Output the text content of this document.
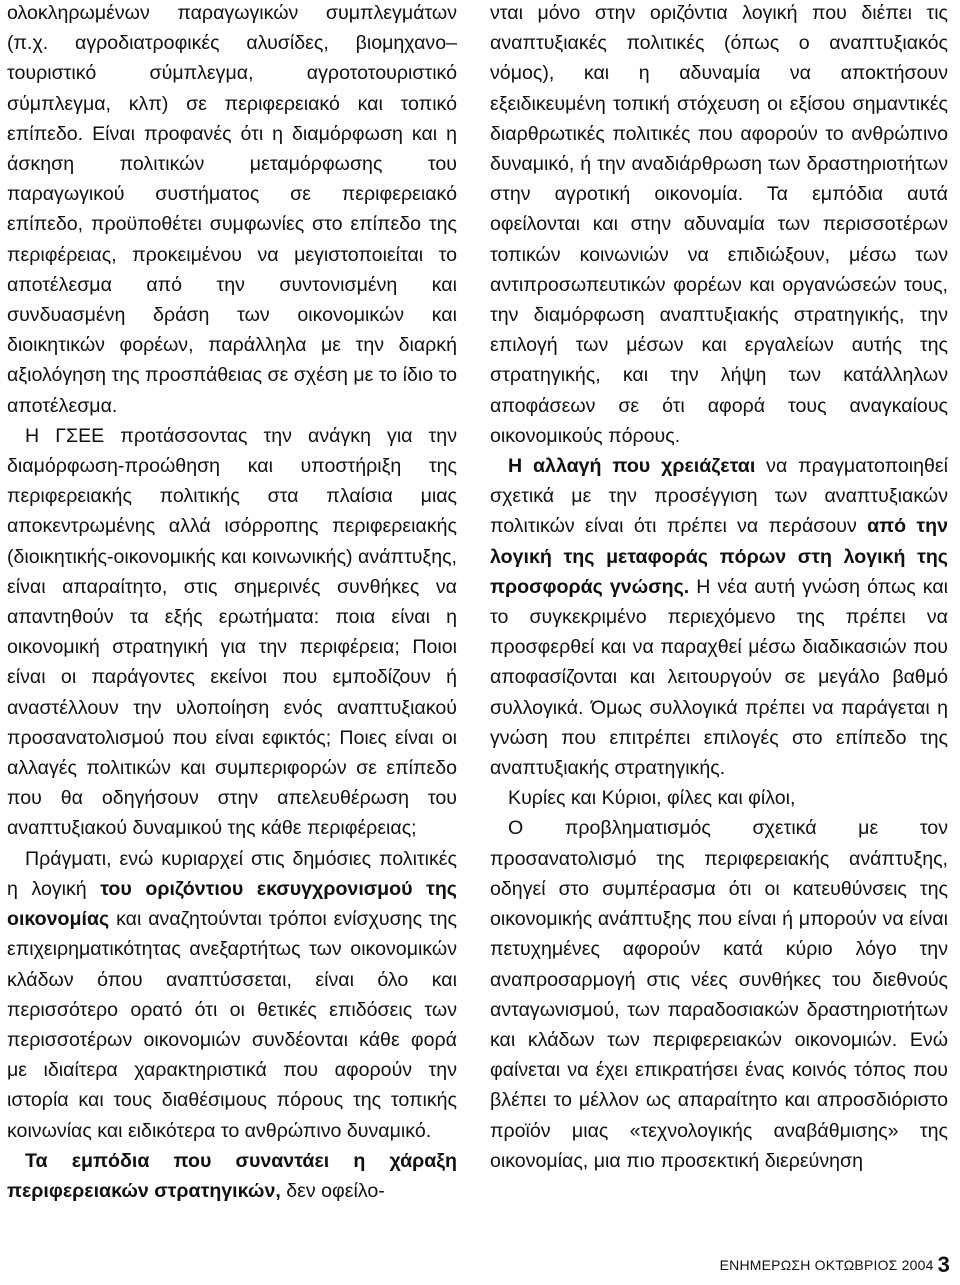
ολοκληρωμένων παραγωγικών συμπλεγμάτων (π.χ. αγροδιατροφικές αλυσίδες, βιομηχανο–τουριστικό σύμπλεγμα, αγροτοτουριστικό σύμπλεγμα, κλπ) σε περιφερειακό και τοπικό επίπεδο. Είναι προφανές ότι η διαμόρφωση και η άσκηση πολιτικών μεταμόρφωσης του παραγωγικού συστήματος σε περιφερειακό επίπεδο, προϋποθέτει συμφωνίες στο επίπεδο της περιφέρειας, προκειμένου να μεγιστοποιείται το αποτέλεσμα από την συντονισμένη και συνδυασμένη δράση των οικονομικών και διοικητικών φορέων, παράλληλα με την διαρκή αξιολόγηση της προσπάθειας σε σχέση με το ίδιο το αποτέλεσμα.

Η ΓΣΕΕ προτάσσοντας την ανάγκη για την διαμόρφωση-προώθηση και υποστήριξη της περιφερειακής πολιτικής στα πλαίσια μιας αποκεντρωμένης αλλά ισόρροπης περιφερειακής (διοικητικής-οικονομικής και κοινωνικής) ανάπτυξης, είναι απαραίτητο, στις σημερινές συνθήκες να απαντηθούν τα εξής ερωτήματα: ποια είναι η οικονομική στρατηγική για την περιφέρεια; Ποιοι είναι οι παράγοντες εκείνοι που εμποδίζουν ή αναστέλλουν την υλοποίηση ενός αναπτυξιακού προσανατολισμού που είναι εφικτός; Ποιες είναι οι αλλαγές πολιτικών και συμπεριφορών σε επίπεδο που θα οδηγήσουν στην απελευθέρωση του αναπτυξιακού δυναμικού της κάθε περιφέρειας;

Πράγματι, ενώ κυριαρχεί στις δημόσιες πολιτικές η λογική του οριζόντιου εκσυγχρονισμού της οικονομίας και αναζητούνται τρόποι ενίσχυσης της επιχειρηματικότητας ανεξαρτήτως των οικονομικών κλάδων όπου αναπτύσσεται, είναι όλο και περισσότερο ορατό ότι οι θετικές επιδόσεις των περισσοτέρων οικονομιών συνδέονται κάθε φορά με ιδιαίτερα χαρακτηριστικά που αφορούν την ιστορία και τους διαθέσιμους πόρους της τοπικής κοινωνίας και ειδικότερα το ανθρώπινο δυναμικό.

Τα εμπόδια που συναντάει η χάραξη περιφερειακών στρατηγικών, δεν οφείλο-

νται μόνο στην οριζόντια λογική που διέπει τις αναπτυξιακές πολιτικές (όπως ο αναπτυξιακός νόμος), και η αδυναμία να αποκτήσουν εξειδικευμένη τοπική στόχευση οι εξίσου σημαντικές διαρθρωτικές πολιτικές που αφορούν το ανθρώπινο δυναμικό, ή την αναδιάρθρωση των δραστηριοτήτων στην αγροτική οικονομία. Τα εμπόδια αυτά οφείλονται και στην αδυναμία των περισσοτέρων τοπικών κοινωνιών να επιδιώξουν, μέσω των αντιπροσωπευτικών φορέων και οργανώσεών τους, την διαμόρφωση αναπτυξιακής στρατηγικής, την επιλογή των μέσων και εργαλείων αυτής της στρατηγικής, και την λήψη των κατάλληλων αποφάσεων σε ότι αφορά τους αναγκαίους οικονομικούς πόρους.

Η αλλαγή που χρειάζεται να πραγματοποιηθεί σχετικά με την προσέγγιση των αναπτυξιακών πολιτικών είναι ότι πρέπει να περάσουν από την λογική της μεταφοράς πόρων στη λογική της προσφοράς γνώσης. Η νέα αυτή γνώση όπως και το συγκεκριμένο περιεχόμενο της πρέπει να προσφερθεί και να παραχθεί μέσω διαδικασιών που αποφασίζονται και λειτουργούν σε μεγάλο βαθμό συλλογικά. Όμως συλλογικά πρέπει να παράγεται η γνώση που επιτρέπει επιλογές στο επίπεδο της αναπτυξιακής στρατηγικής.

Κυρίες και Κύριοι, φίλες και φίλοι,

Ο προβληματισμός σχετικά με τον προσανατολισμό της περιφερειακής ανάπτυξης, οδηγεί στο συμπέρασμα ότι οι κατευθύνσεις της οικονομικής ανάπτυξης που είναι ή μπορούν να είναι πετυχημένες αφορούν κατά κύριο λόγο την αναπροσαρμογή στις νέες συνθήκες του διεθνούς ανταγωνισμού, των παραδοσιακών δραστηριοτήτων και κλάδων των περιφερειακών οικονομιών. Ενώ φαίνεται να έχει επικρατήσει ένας κοινός τόπος που βλέπει το μέλλον ως απαραίτητο και απροσδιόριστο προϊόν μιας «τεχνολογικής αναβάθμισης» της οικονομίας, μια πιο προσεκτική διερεύνηση

ΕΝΗΜΕΡΩΣΗ ΟΚΤΩΒΡΙΟΣ 2004 3
